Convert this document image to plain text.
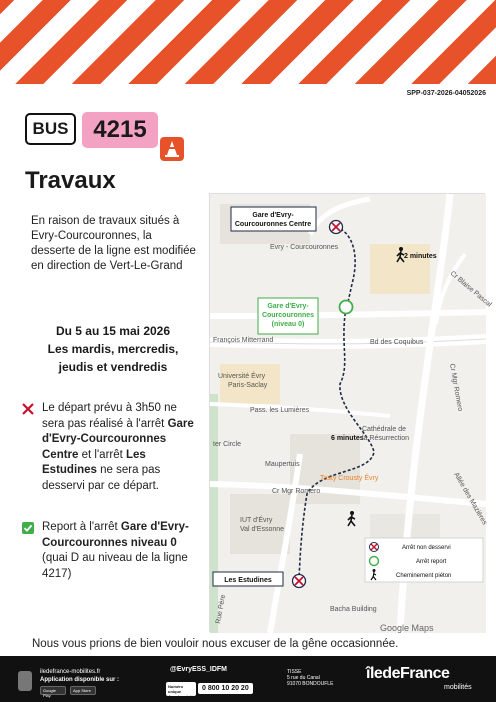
SPP-037-2026-04052026
BUS	4215
Travaux
En raison de travaux situés à Evry-Courcouronnes, la desserte de la ligne est modifiée en direction de Vert-Le-Grand
Du 5 au 15 mai 2026
Les mardis, mercredis,
jeudis et vendredis
Le départ prévu à 3h50 ne sera pas réalisé à l'arrêt Gare d'Evry-Courcouronnes Centre et l'arrêt Les Estudines ne sera pas desservi par ce départ.
Report à l'arrêt Gare d'Evry-Courcouronnes niveau 0 (quai D au niveau de la ligne 4217)
Gare d'Evry-
Courcouronnes Centre
Gare d'Evry-
Courcouronnes
(niveau 0)
Les Estudines
2 minutes
6 minutes
Evry - Courcouronnes
François Mitterrand	Bd des Coquibus
Université Évry
Paris-Saclay
Pass. les Lumières
ter Circle
Maupertuis
Cathédrale de
la Résurrection
Tasty Crousty Évry
Cr Mgr Romero
IUT d'Évry
Val d'Essonne
Bacha Building
Google Maps
Rue Père
Cr Mgr Romero
Cr Blaise Pascal
Allée des Mazières
Arrêt non desservi
Arrêt report
Cheminement piéton
Nous vous prions de bien vouloir nous excuser de la gêne occasionnée.
iledefrance-mobilites.fr
Application disponible sur :
Google Play
App Store
@EvryESS_IDFM
Numéro unique
Appel gratuit
0 800 10 20 20
TISSE
5 rue du Canal
91070 BONDOUFLE
îledeFrance
mobilités
